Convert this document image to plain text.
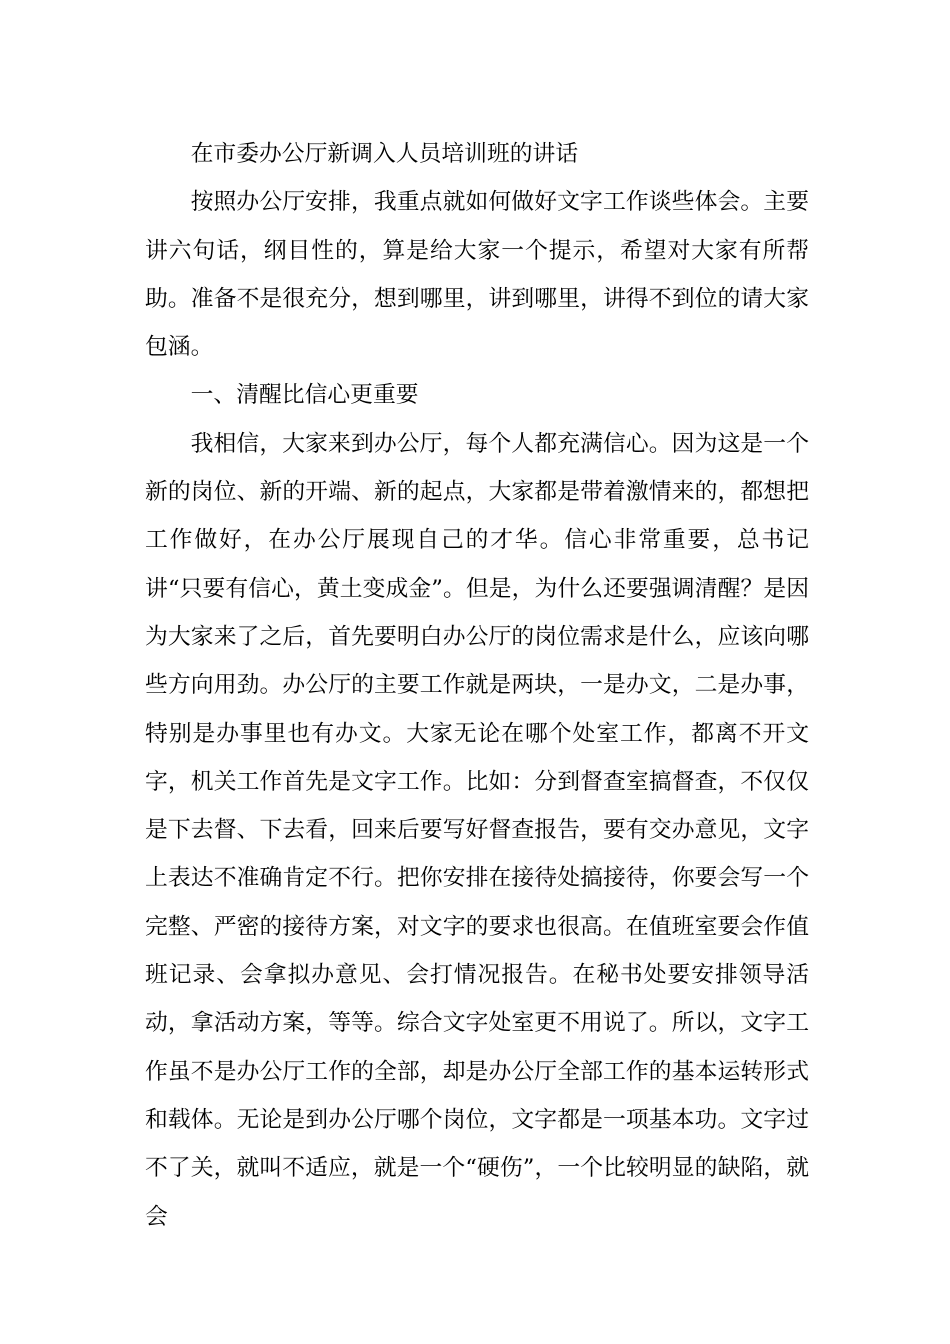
在市委办公厅新调入人员培训班的讲话

按照办公厅安排，我重点就如何做好文字工作谈些体会。主要讲六句话，纲目性的，算是给大家一个提示，希望对大家有所帮助。准备不是很充分，想到哪里，讲到哪里，讲得不到位的请大家包涵。

一、清醒比信心更重要

我相信，大家来到办公厅，每个人都充满信心。因为这是一个新的岗位、新的开端、新的起点，大家都是带着激情来的，都想把工作做好，在办公厅展现自己的才华。信心非常重要，总书记讲“只要有信心，黄土变成金”。但是，为什么还要强调清醒？是因为大家来了之后，首先要明白办公厅的岗位需求是什么，应该向哪些方向用劲。办公厅的主要工作就是两块，一是办文，二是办事，特别是办事里也有办文。大家无论在哪个处室工作，都离不开文字，机关工作首先是文字工作。比如：分到督查室搞督查，不仅仅是下去督、下去看，回来后要写好督查报告，要有交办意见，文字上表达不准确肯定不行。把你安排在接待处搞接待，你要会写一个完整、严密的接待方案，对文字的要求也很高。在值班室要会作值班记录、会拿拟办意见、会打情况报告。在秘书处要安排领导活动，拿活动方案，等等。综合文字处室更不用说了。所以，文字工作虽不是办公厅工作的全部，却是办公厅全部工作的基本运转形式和载体。无论是到办公厅哪个岗位，文字都是一项基本功。文字过不了关，就叫不适应，就是一个“硬伤”，一个比较明显的缺陷，就会
